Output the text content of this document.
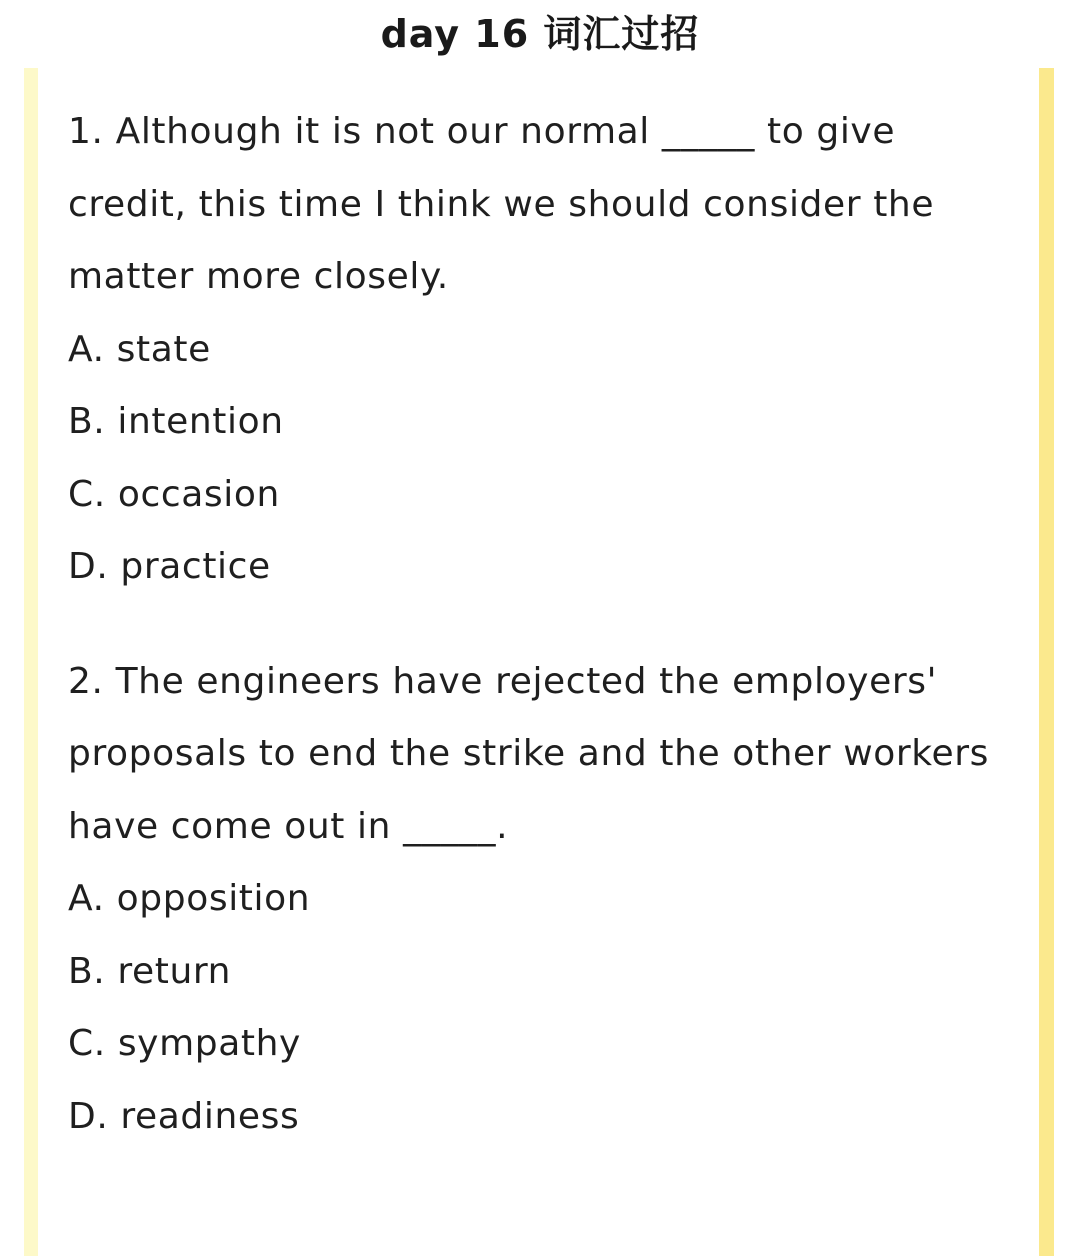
day 16 词汇过招

1. Although it is not our normal _____ to give credit, this time I think we should consider the matter more closely.

A. state
B. intention
C. occasion
D. practice

2. The engineers have rejected the employers' proposals to end the strike and the other workers have come out in _____.

A. opposition
B. return
C. sympathy
D. readiness
